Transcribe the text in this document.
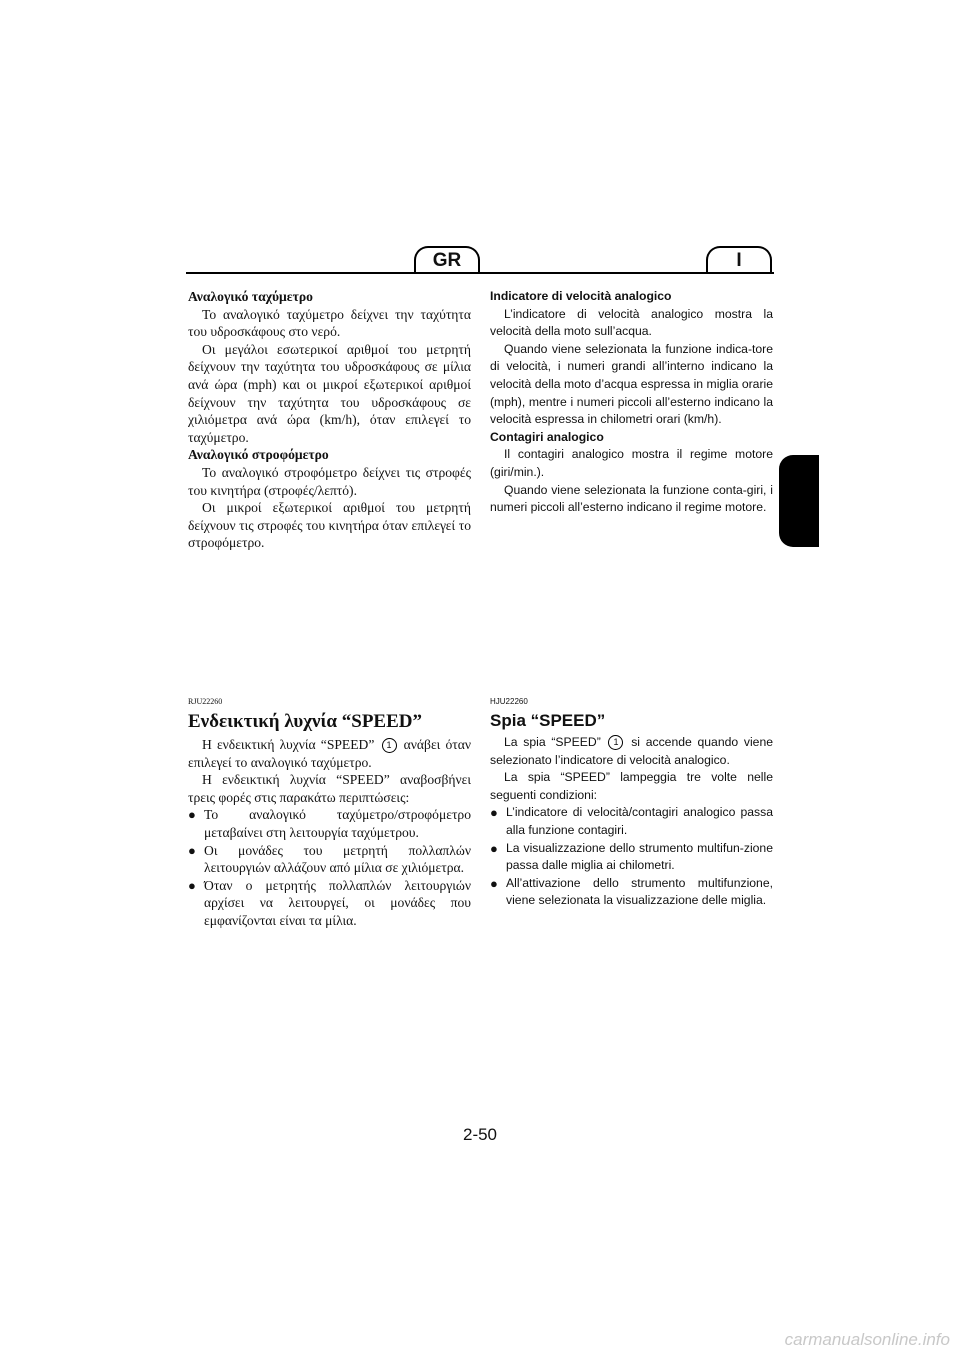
GR	I
Αναλογικό ταχύμετρο

Το αναλογικό ταχύμετρο δείχνει την ταχύτητα του υδροσκάφους στο νερό.

Οι μεγάλοι εσωτερικοί αριθμοί του μετρητή δείχνουν την ταχύτητα του υδροσκάφους σε μίλια ανά ώρα (mph) και οι μικροί εξωτερικοί αριθμοί δείχνουν την ταχύτητα του υδροσκάφους σε χιλιόμετρα ανά ώρα (km/h), όταν επιλεγεί το ταχύμετρο.

Αναλογικό στροφόμετρο

Το αναλογικό στροφόμετρο δείχνει τις στροφές του κινητήρα (στροφές/λεπτό).

Οι μικροί εξωτερικοί αριθμοί του μετρητή δείχνουν τις στροφές του κινητήρα όταν επιλεγεί το στροφόμετρο.

Indicatore di velocità analogico

L’indicatore di velocità analogico mostra la velocità della moto sull’acqua.

Quando viene selezionata la funzione indica-tore di velocità, i numeri grandi all’interno indicano la velocità della moto d’acqua espressa in miglia orarie (mph), mentre i numeri piccoli all’esterno indicano la velocità espressa in chilometri orari (km/h).

Contagiri analogico

Il contagiri analogico mostra il regime motore (giri/min.).

Quando viene selezionata la funzione conta-giri, i numeri piccoli all’esterno indicano il regime motore.

RJU22260
Ενδεικτική λυχνία “SPEED”

Η ενδεικτική λυχνία “SPEED” 1 ανάβει όταν επιλεγεί το αναλογικό ταχύμετρο.

Η ενδεικτική λυχνία “SPEED” αναβοσβήνει τρεις φορές στις παρακάτω περιπτώσεις:

● Το αναλογικό ταχύμετρο/στροφόμετρο μεταβαίνει στη λειτουργία ταχύμετρου.
● Οι μονάδες του μετρητή πολλαπλών λειτουργιών αλλάζουν από μίλια σε χιλιόμετρα.
● Όταν ο μετρητής πολλαπλών λειτουργιών αρχίσει να λειτουργεί, οι μονάδες που εμφανίζονται είναι τα μίλια.
HJU22260
Spia “SPEED”

La spia “SPEED” 1 si accende quando viene selezionato l’indicatore di velocità analogico.

La spia “SPEED” lampeggia tre volte nelle seguenti condizioni:

● L’indicatore di velocità/contagiri analogico passa alla funzione contagiri.
● La visualizzazione dello strumento multifun-zione passa dalle miglia ai chilometri.
● All’attivazione dello strumento multifunzione, viene selezionata la visualizzazione delle miglia.
2-50
carmanualsonline.info
